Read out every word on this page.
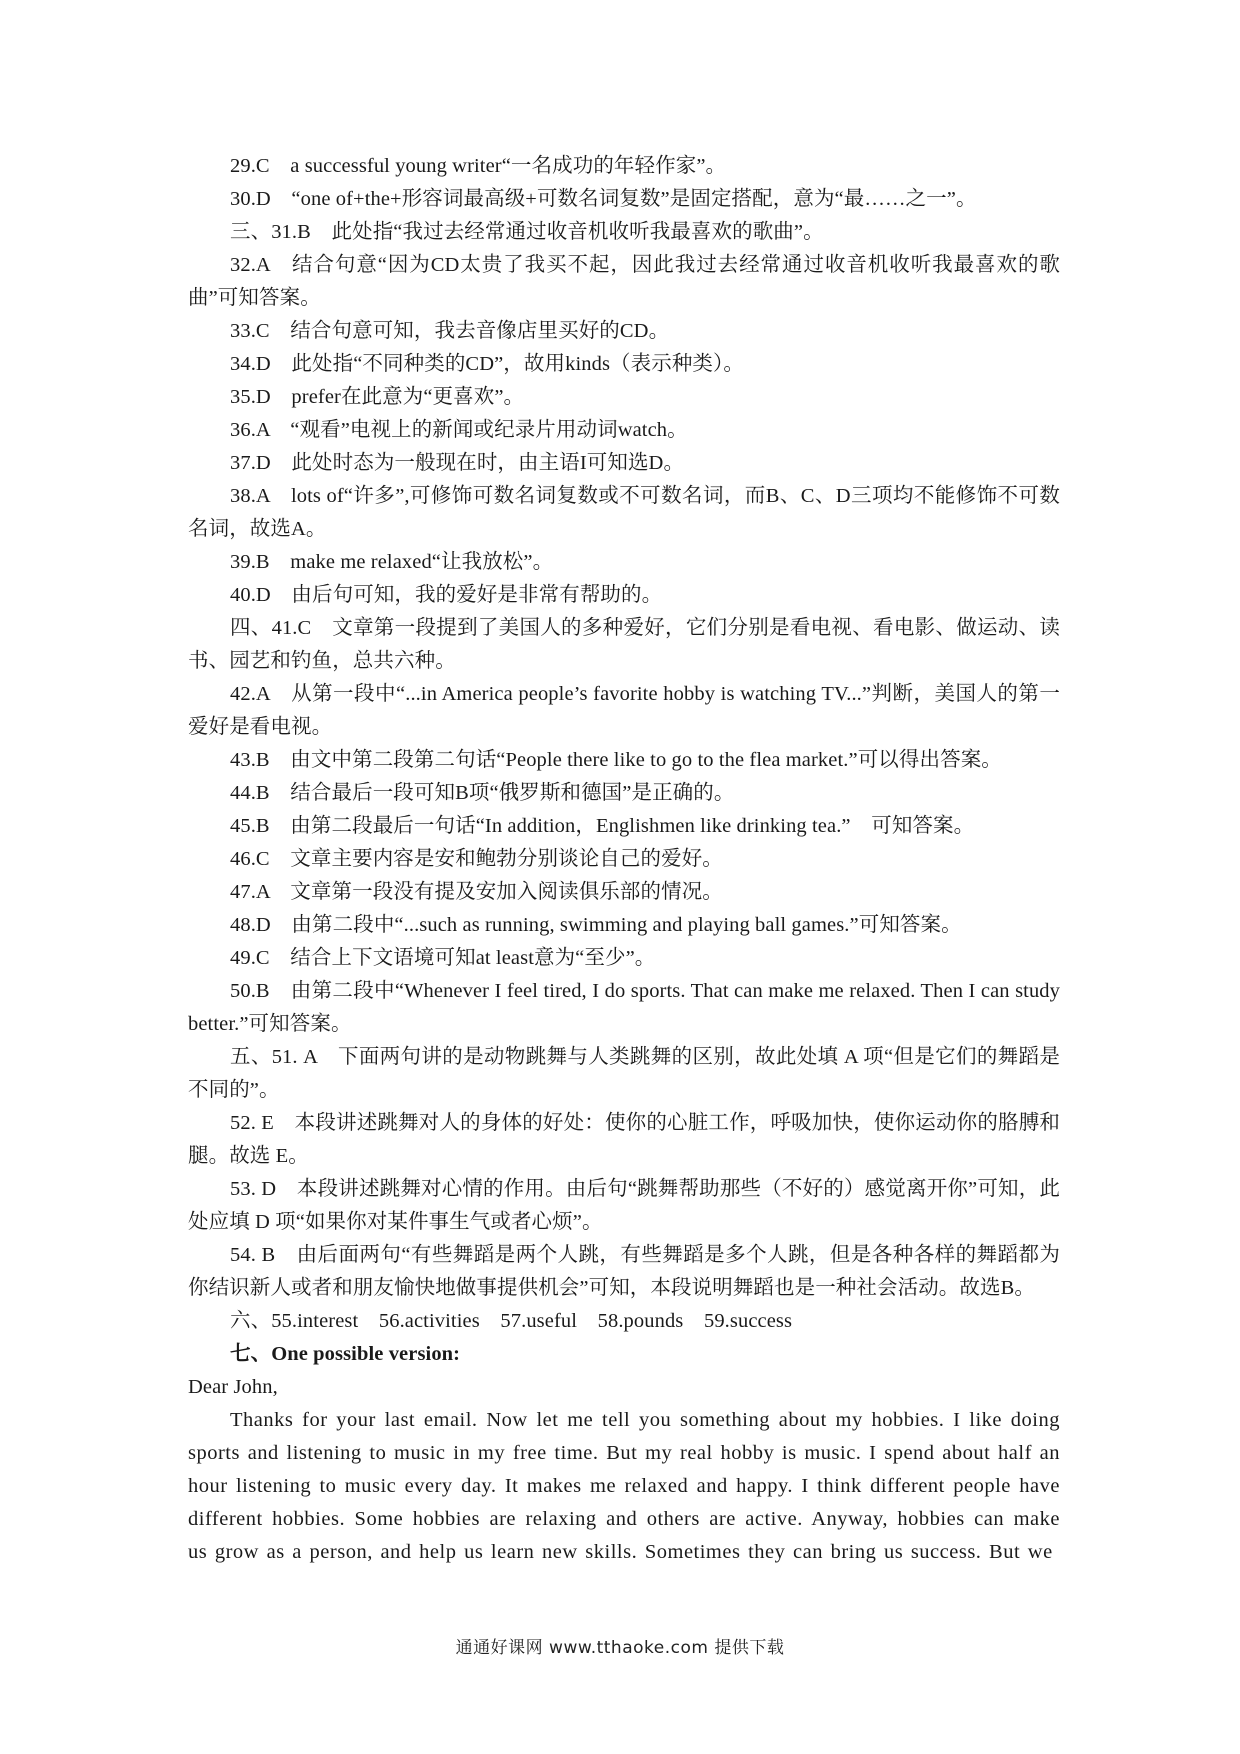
29.C　a successful young writer“一名成功的年轻作家”。

30.D　“one of+the+形容词最高级+可数名词复数”是固定搭配，意为“最……之一”。

三、31.B　此处指“我过去经常通过收音机收听我最喜欢的歌曲”。

32.A　结合句意“因为CD太贵了我买不起，因此我过去经常通过收音机收听我最喜欢的歌曲”可知答案。

33.C　结合句意可知，我去音像店里买好的CD。

34.D　此处指“不同种类的CD”，故用kinds（表示种类）。

35.D　prefer在此意为“更喜欢”。

36.A　“观看”电视上的新闻或纪录片用动词watch。

37.D　此处时态为一般现在时，由主语I可知选D。

38.A　lots of“许多”,可修饰可数名词复数或不可数名词，而B、C、D三项均不能修饰不可数名词，故选A。

39.B　make me relaxed“让我放松”。

40.D　由后句可知，我的爱好是非常有帮助的。

四、41.C　文章第一段提到了美国人的多种爱好，它们分别是看电视、看电影、做运动、读书、园艺和钓鱼，总共六种。

42.A　从第一段中“...in America people’s favorite hobby is watching TV...”判断，美国人的第一爱好是看电视。

43.B　由文中第二段第二句话“People there like to go to the flea market.”可以得出答案。

44.B　结合最后一段可知B项“俄罗斯和德国”是正确的。

45.B　由第二段最后一句话“In addition，Englishmen like drinking tea.”　可知答案。

46.C　文章主要内容是安和鲍勃分别谈论自己的爱好。

47.A　文章第一段没有提及安加入阅读俱乐部的情况。

48.D　由第二段中“...such as running, swimming and playing ball games.”可知答案。

49.C　结合上下文语境可知at least意为“至少”。

50.B　由第二段中“Whenever I feel tired, I do sports. That can make me relaxed. Then I can study better.”可知答案。

五、51. A　下面两句讲的是动物跳舞与人类跳舞的区别，故此处填 A 项“但是它们的舞蹈是不同的”。

52. E　本段讲述跳舞对人的身体的好处：使你的心脏工作，呼吸加快，使你运动你的胳膊和腿。故选 E。

53. D　本段讲述跳舞对心情的作用。由后句“跳舞帮助那些（不好的）感觉离开你”可知，此处应填 D 项“如果你对某件事生气或者心烦”。

54. B　由后面两句“有些舞蹈是两个人跳，有些舞蹈是多个人跳，但是各种各样的舞蹈都为你结识新人或者和朋友愉快地做事提供机会”可知，本段说明舞蹈也是一种社会活动。故选B。

六、55.interest　56.activities　57.useful　58.pounds　59.success

七、One possible version:

Dear John,

Thanks for your last email. Now let me tell you something about my hobbies. I like doing sports and listening to music in my free time. But my real hobby is music. I spend about half an hour listening to music every day. It makes me relaxed and happy. I think different people have different hobbies. Some hobbies are relaxing and others are active. Anyway, hobbies can make us grow as a person, and help us learn new skills. Sometimes they can bring us success. But we

通通好课网 www.tthaoke.com 提供下载
